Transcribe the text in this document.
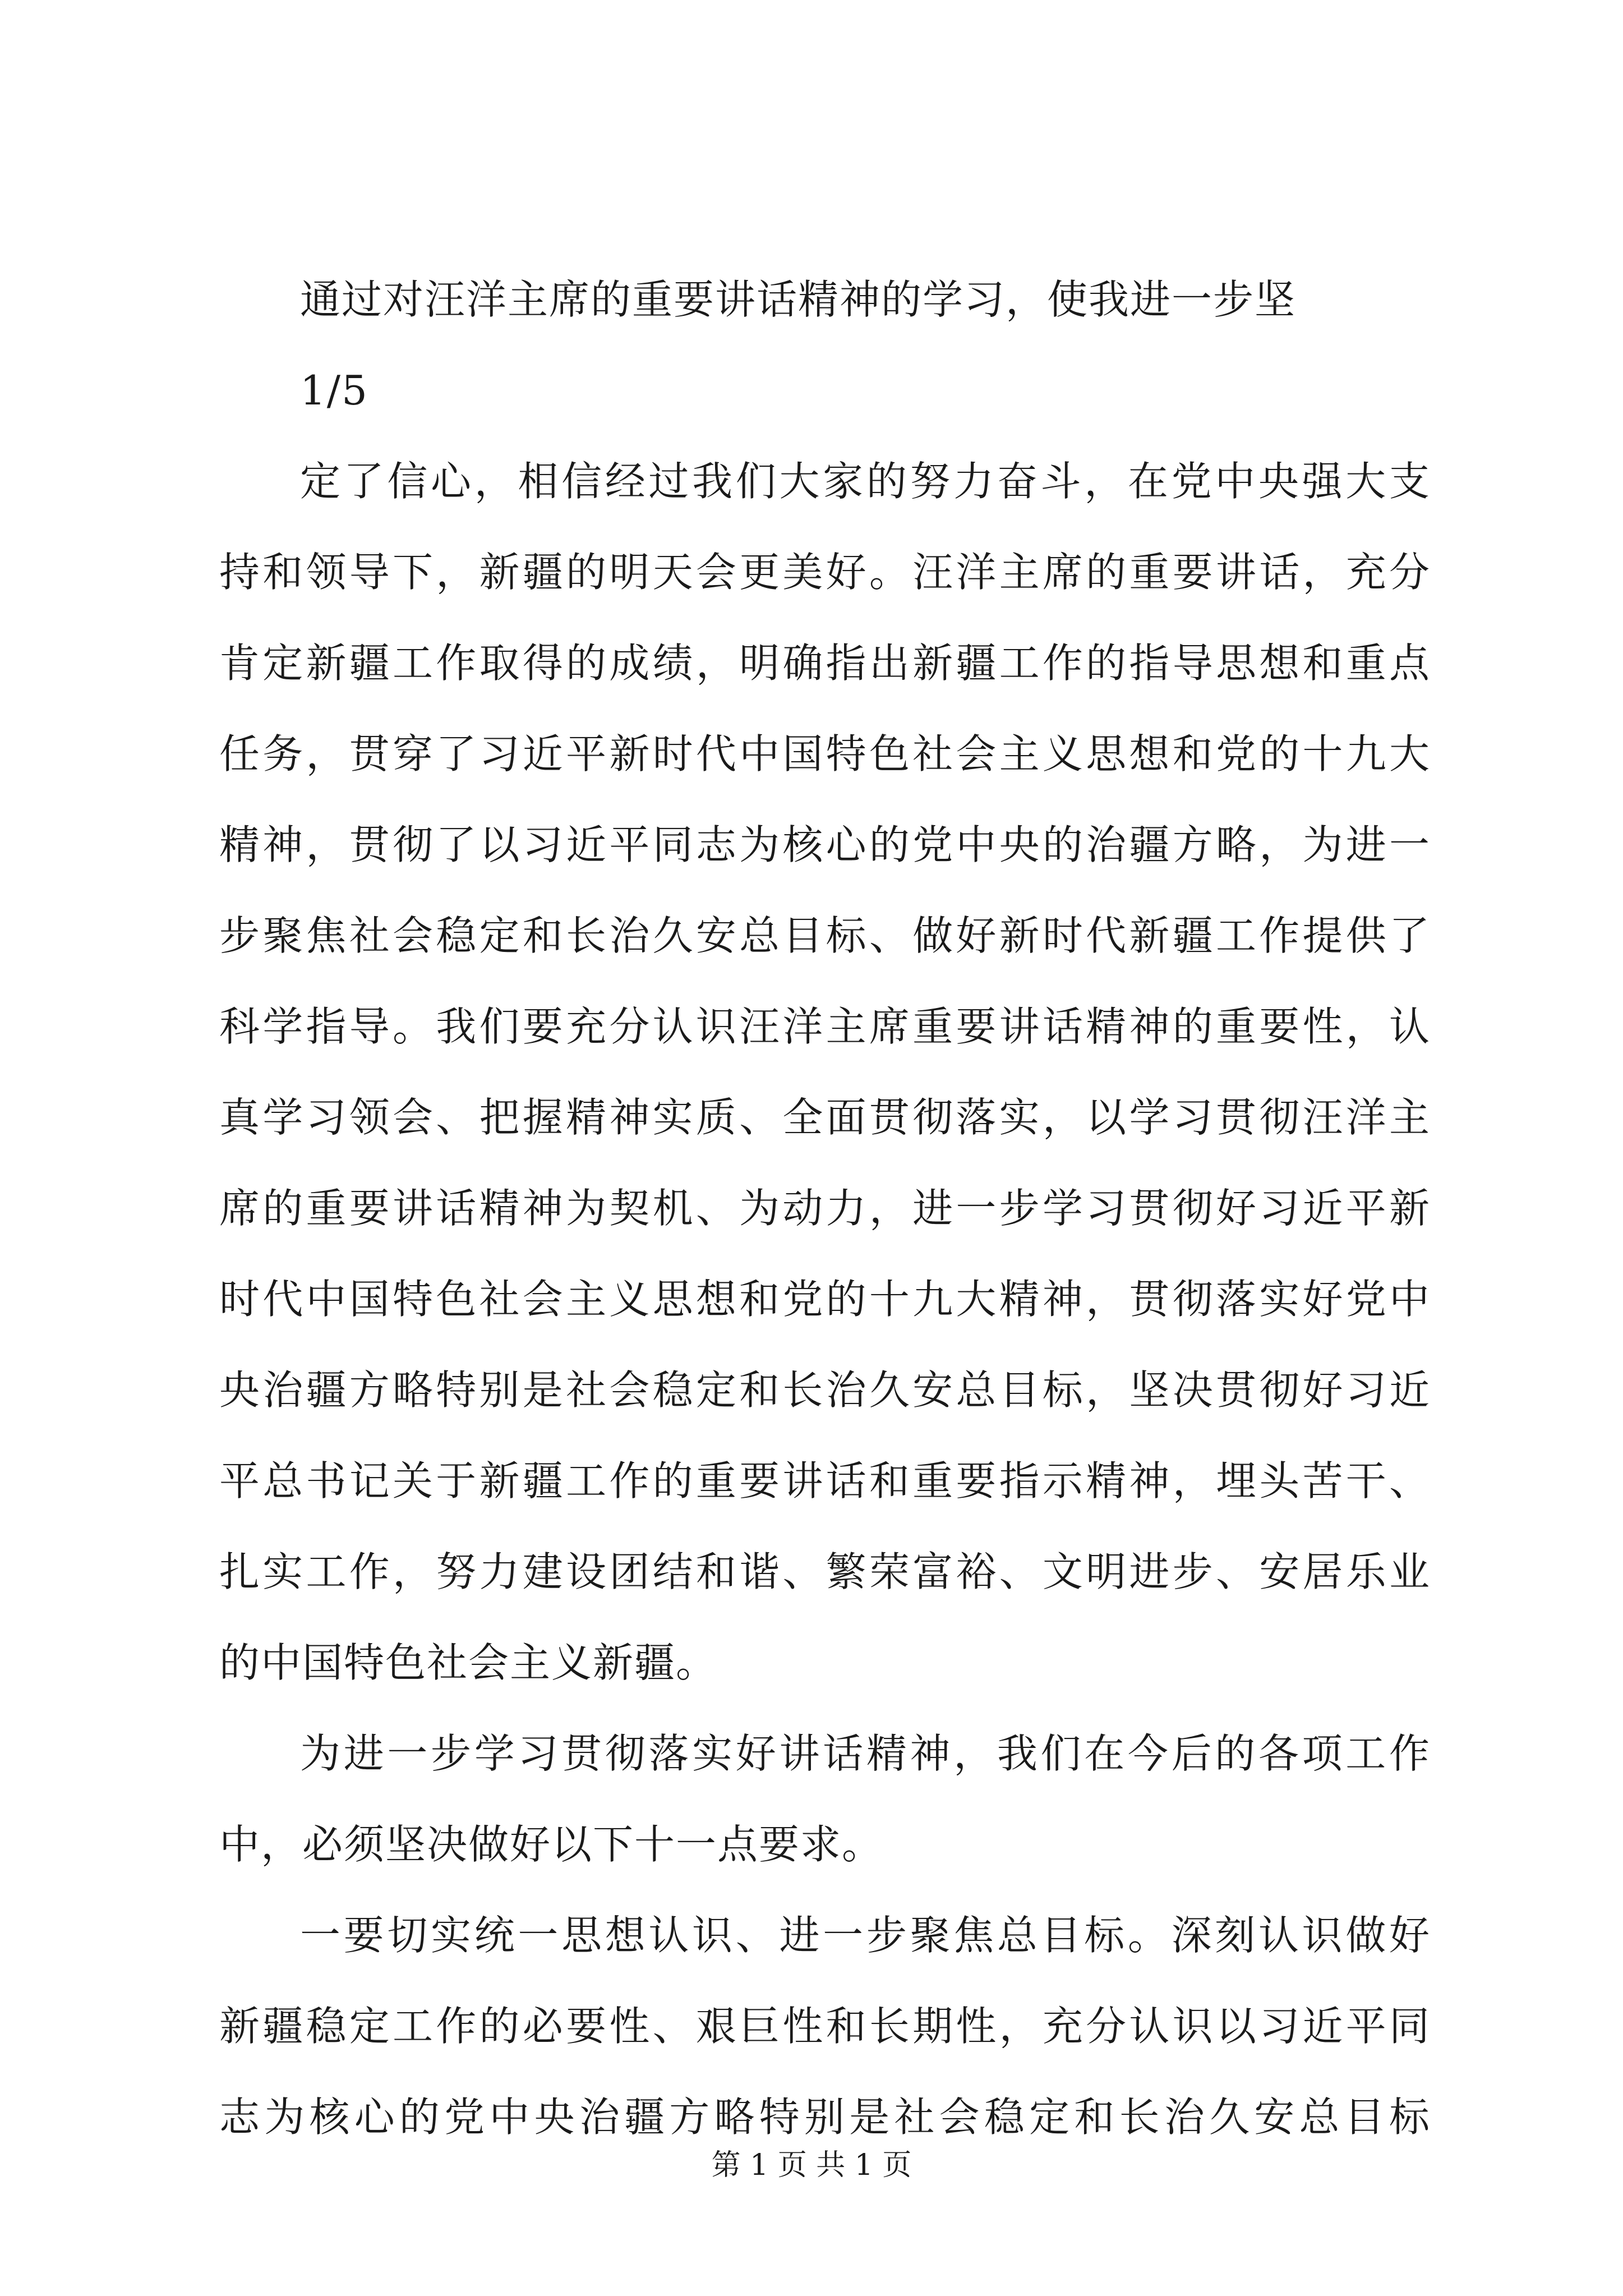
通过对汪洋主席的重要讲话精神的学习，使我进一步坚
1/5
定了信心，相信经过我们大家的努力奋斗，在党中央强大支
持和领导下，新疆的明天会更美好。汪洋主席的重要讲话，充分
肯定新疆工作取得的成绩，明确指出新疆工作的指导思想和重点
任务，贯穿了习近平新时代中国特色社会主义思想和党的十九大
精神，贯彻了以习近平同志为核心的党中央的治疆方略，为进一
步聚焦社会稳定和长治久安总目标、做好新时代新疆工作提供了
科学指导。我们要充分认识汪洋主席重要讲话精神的重要性，认
真学习领会、把握精神实质、全面贯彻落实，以学习贯彻汪洋主
席的重要讲话精神为契机、为动力，进一步学习贯彻好习近平新
时代中国特色社会主义思想和党的十九大精神，贯彻落实好党中
央治疆方略特别是社会稳定和长治久安总目标，坚决贯彻好习近
平总书记关于新疆工作的重要讲话和重要指示精神，埋头苦干、
扎实工作，努力建设团结和谐、繁荣富裕、文明进步、安居乐业
的中国特色社会主义新疆。
为进一步学习贯彻落实好讲话精神，我们在今后的各项工作
中，必须坚决做好以下十一点要求。
一要切实统一思想认识、进一步聚焦总目标。深刻认识做好
新疆稳定工作的必要性、艰巨性和长期性，充分认识以习近平同
志为核心的党中央治疆方略特别是社会稳定和长治久安总目标
第 1 页 共 1 页
